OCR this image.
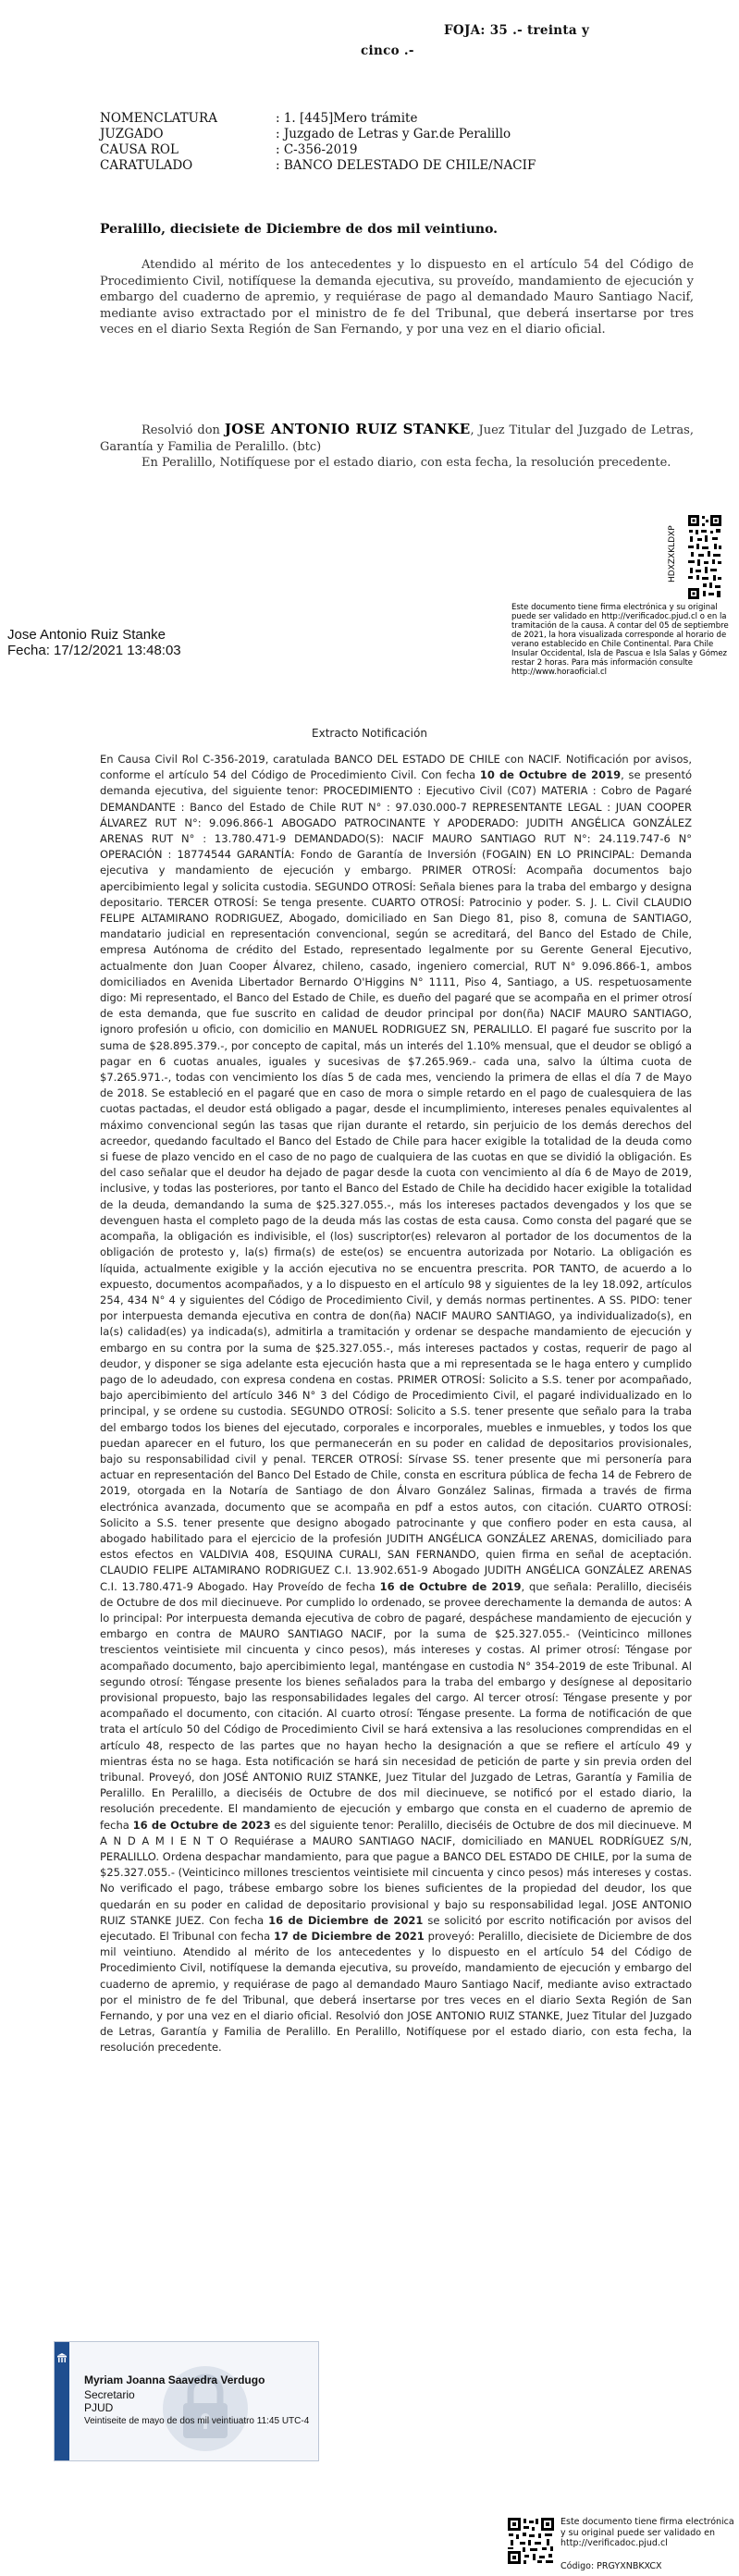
FOJA: 35 .- treinta y
cinco .-
NOMENCLATURA	: 1. [445]Mero trámite
JUZGADO	: Juzgado de Letras y Gar.de Peralillo
CAUSA ROL	: C-356-2019
CARATULADO	: BANCO DELESTADO DE CHILE/NACIF
Peralillo, diecisiete de Diciembre de dos mil veintiuno.
Atendido al mérito de los antecedentes y lo dispuesto en el artículo 54 del Código de Procedimiento Civil, notifíquese la demanda ejecutiva, su proveído, mandamiento de ejecución y embargo del cuaderno de apremio, y requiérase de pago al demandado Mauro Santiago Nacif, mediante aviso extractado por el ministro de fe del Tribunal, que deberá insertarse por tres veces en el diario Sexta Región de San Fernando, y por una vez en el diario oficial.
Resolvió don JOSE ANTONIO RUIZ STANKE, Juez Titular del Juzgado de Letras, Garantía y Familia de Peralillo. (btc)
En Peralillo, Notifíquese por el estado diario, con esta fecha, la resolución precedente.
HDXZXKLDXP
Este documento tiene firma electrónica y su original puede ser validado en http://verificadoc.pjud.cl o en la tramitación de la causa. A contar del 05 de septiembre de 2021, la hora visualizada corresponde al horario de verano establecido en Chile Continental. Para Chile Insular Occidental, Isla de Pascua e Isla Salas y Gómez restar 2 horas. Para más información consulte http://www.horaoficial.cl
Jose Antonio Ruiz Stanke
Fecha: 17/12/2021 13:48:03
Extracto Notificación
En Causa Civil Rol C-356-2019, caratulada BANCO DEL ESTADO DE CHILE con NACIF. Notificación por avisos, conforme el artículo 54 del Código de Procedimiento Civil. Con fecha 10 de Octubre de 2019, se presentó demanda ejecutiva, del siguiente tenor: PROCEDIMIENTO : Ejecutivo Civil (C07) MATERIA : Cobro de Pagaré DEMANDANTE : Banco del Estado de Chile RUT N° : 97.030.000-7 REPRESENTANTE LEGAL : JUAN COOPER ÁLVAREZ RUT N°: 9.096.866-1 ABOGADO PATROCINANTE Y APODERADO: JUDITH ANGÉLICA GONZÁLEZ ARENAS RUT N° : 13.780.471-9 DEMANDADO(S): NACIF MAURO SANTIAGO RUT N°: 24.119.747-6 N° OPERACIÓN : 18774544 GARANTÍA: Fondo de Garantía de Inversión (FOGAIN) EN LO PRINCIPAL: Demanda ejecutiva y mandamiento de ejecución y embargo. PRIMER OTROSÍ: Acompaña documentos bajo apercibimiento legal y solicita custodia. SEGUNDO OTROSÍ: Señala bienes para la traba del embargo y designa depositario. TERCER OTROSÍ: Se tenga presente. CUARTO OTROSÍ: Patrocinio y poder. S. J. L. Civil CLAUDIO FELIPE ALTAMIRANO RODRIGUEZ, Abogado, domiciliado en San Diego 81, piso 8, comuna de SANTIAGO, mandatario judicial en representación convencional, según se acreditará, del Banco del Estado de Chile, empresa Autónoma de crédito del Estado, representado legalmente por su Gerente General Ejecutivo, actualmente don Juan Cooper Álvarez, chileno, casado, ingeniero comercial, RUT N° 9.096.866-1, ambos domiciliados en Avenida Libertador Bernardo O'Higgins N° 1111, Piso 4, Santiago, a US. respetuosamente digo: Mi representado, el Banco del Estado de Chile, es dueño del pagaré que se acompaña en el primer otrosí de esta demanda, que fue suscrito en calidad de deudor principal por don(ña) NACIF MAURO SANTIAGO, ignoro profesión u oficio, con domicilio en MANUEL RODRIGUEZ SN, PERALILLO. El pagaré fue suscrito por la suma de $28.895.379.-, por concepto de capital, más un interés del 1.10% mensual, que el deudor se obligó a pagar en 6 cuotas anuales, iguales y sucesivas de $7.265.969.- cada una, salvo la última cuota de $7.265.971.-, todas con vencimiento los días 5 de cada mes, venciendo la primera de ellas el día 7 de Mayo de 2018. Se estableció en el pagaré que en caso de mora o simple retardo en el pago de cualesquiera de las cuotas pactadas, el deudor está obligado a pagar, desde el incumplimiento, intereses penales equivalentes al máximo convencional según las tasas que rijan durante el retardo, sin perjuicio de los demás derechos del acreedor, quedando facultado el Banco del Estado de Chile para hacer exigible la totalidad de la deuda como si fuese de plazo vencido en el caso de no pago de cualquiera de las cuotas en que se dividió la obligación. Es del caso señalar que el deudor ha dejado de pagar desde la cuota con vencimiento al día 6 de Mayo de 2019, inclusive, y todas las posteriores, por tanto el Banco del Estado de Chile ha decidido hacer exigible la totalidad de la deuda, demandando la suma de $25.327.055.-, más los intereses pactados devengados y los que se devenguen hasta el completo pago de la deuda más las costas de esta causa. Como consta del pagaré que se acompaña, la obligación es indivisible, el (los) suscriptor(es) relevaron al portador de los documentos de la obligación de protesto y, la(s) firma(s) de este(os) se encuentra autorizada por Notario. La obligación es líquida, actualmente exigible y la acción ejecutiva no se encuentra prescrita. POR TANTO, de acuerdo a lo expuesto, documentos acompañados, y a lo dispuesto en el artículo 98 y siguientes de la ley 18.092, artículos 254, 434 N° 4 y siguientes del Código de Procedimiento Civil, y demás normas pertinentes. A SS. PIDO: tener por interpuesta demanda ejecutiva en contra de don(ña) NACIF MAURO SANTIAGO, ya individualizado(s), en la(s) calidad(es) ya indicada(s), admitirla a tramitación y ordenar se despache mandamiento de ejecución y embargo en su contra por la suma de $25.327.055.-, más intereses pactados y costas, requerir de pago al deudor, y disponer se siga adelante esta ejecución hasta que a mi representada se le haga entero y cumplido pago de lo adeudado, con expresa condena en costas. PRIMER OTROSÍ: Solicito a S.S. tener por acompañado, bajo apercibimiento del artículo 346 N° 3 del Código de Procedimiento Civil, el pagaré individualizado en lo principal, y se ordene su custodia. SEGUNDO OTROSÍ: Solicito a S.S. tener presente que señalo para la traba del embargo todos los bienes del ejecutado, corporales e incorporales, muebles e inmuebles, y todos los que puedan aparecer en el futuro, los que permanecerán en su poder en calidad de depositarios provisionales, bajo su responsabilidad civil y penal. TERCER OTROSÍ: Sírvase SS. tener presente que mi personería para actuar en representación del Banco Del Estado de Chile, consta en escritura pública de fecha 14 de Febrero de 2019, otorgada en la Notaría de Santiago de don Álvaro González Salinas, firmada a través de firma electrónica avanzada, documento que se acompaña en pdf a estos autos, con citación. CUARTO OTROSÍ: Solicito a S.S. tener presente que designo abogado patrocinante y que confiero poder en esta causa, al abogado habilitado para el ejercicio de la profesión JUDITH ANGÉLICA GONZÁLEZ ARENAS, domiciliado para estos efectos en VALDIVIA 408, ESQUINA CURALI, SAN FERNANDO, quien firma en señal de aceptación. CLAUDIO FELIPE ALTAMIRANO RODRIGUEZ C.I. 13.902.651-9 Abogado JUDITH ANGÉLICA GONZÁLEZ ARENAS C.I. 13.780.471-9 Abogado. Hay Proveído de fecha 16 de Octubre de 2019, que señala: Peralillo, dieciséis de Octubre de dos mil diecinueve. Por cumplido lo ordenado, se provee derechamente la demanda de autos: A lo principal: Por interpuesta demanda ejecutiva de cobro de pagaré, despáchese mandamiento de ejecución y embargo en contra de MAURO SANTIAGO NACIF, por la suma de $25.327.055.- (Veinticinco millones trescientos veintisiete mil cincuenta y cinco pesos), más intereses y costas. Al primer otrosí: Téngase por acompañado documento, bajo apercibimiento legal, manténgase en custodia N° 354-2019 de este Tribunal. Al segundo otrosí: Téngase presente los bienes señalados para la traba del embargo y desígnese al depositario provisional propuesto, bajo las responsabilidades legales del cargo. Al tercer otrosí: Téngase presente y por acompañado el documento, con citación. Al cuarto otrosí: Téngase presente. La forma de notificación de que trata el artículo 50 del Código de Procedimiento Civil se hará extensiva a las resoluciones comprendidas en el artículo 48, respecto de las partes que no hayan hecho la designación a que se refiere el artículo 49 y mientras ésta no se haga. Esta notificación se hará sin necesidad de petición de parte y sin previa orden del tribunal. Proveyó, don JOSÉ ANTONIO RUIZ STANKE, Juez Titular del Juzgado de Letras, Garantía y Familia de Peralillo. En Peralillo, a dieciséis de Octubre de dos mil diecinueve, se notificó por el estado diario, la resolución precedente. El mandamiento de ejecución y embargo que consta en el cuaderno de apremio de fecha 16 de Octubre de 2023 es del siguiente tenor: Peralillo, dieciséis de Octubre de dos mil diecinueve. M A N D A M I E N T O Requiérase a MAURO SANTIAGO NACIF, domiciliado en MANUEL RODRÍGUEZ S/N, PERALILLO. Ordena despachar mandamiento, para que pague a BANCO DEL ESTADO DE CHILE, por la suma de $25.327.055.- (Veinticinco millones trescientos veintisiete mil cincuenta y cinco pesos) más intereses y costas. No verificado el pago, trábese embargo sobre los bienes suficientes de la propiedad del deudor, los que quedarán en su poder en calidad de depositario provisional y bajo su responsabilidad legal. JOSE ANTONIO RUIZ STANKE JUEZ. Con fecha 16 de Diciembre de 2021 se solicitó por escrito notificación por avisos del ejecutado. El Tribunal con fecha 17 de Diciembre de 2021 proveyó: Peralillo, diecisiete de Diciembre de dos mil veintiuno. Atendido al mérito de los antecedentes y lo dispuesto en el artículo 54 del Código de Procedimiento Civil, notifíquese la demanda ejecutiva, su proveído, mandamiento de ejecución y embargo del cuaderno de apremio, y requiérase de pago al demandado Mauro Santiago Nacif, mediante aviso extractado por el ministro de fe del Tribunal, que deberá insertarse por tres veces en el diario Sexta Región de San Fernando, y por una vez en el diario oficial. Resolvió don JOSE ANTONIO RUIZ STANKE, Juez Titular del Juzgado de Letras, Garantía y Familia de Peralillo. En Peralillo, Notifíquese por el estado diario, con esta fecha, la resolución precedente.
Myriam Joanna Saavedra Verdugo
Secretario
PJUD
Veintiseite de mayo de dos mil veintiuatro 11:45 UTC-4
Este documento tiene firma electrónica y su original puede ser validado en http://verificadoc.pjud.cl
Código: PRGYXNBKXCX
